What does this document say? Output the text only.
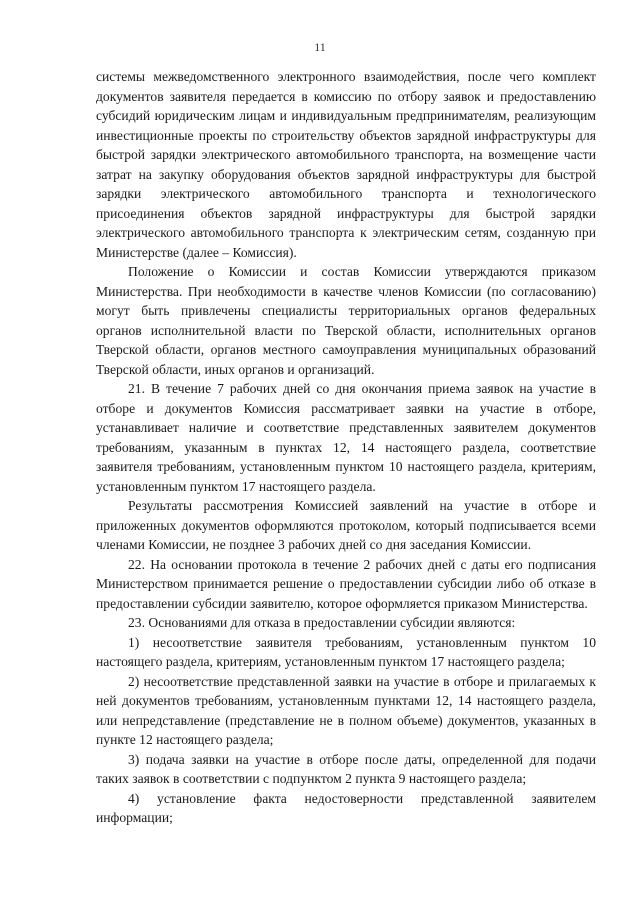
11

системы межведомственного электронного взаимодействия, после чего комплект документов заявителя передается в комиссию по отбору заявок и предоставлению субсидий юридическим лицам и индивидуальным предпринимателям, реализующим инвестиционные проекты по строительству объектов зарядной инфраструктуры для быстрой зарядки электрического автомобильного транспорта, на возмещение части затрат на закупку оборудования объектов зарядной инфраструктуры для быстрой зарядки электрического автомобильного транспорта и технологического присоединения объектов зарядной инфраструктуры для быстрой зарядки электрического автомобильного транспорта к электрическим сетям, созданную при Министерстве (далее – Комиссия).

Положение о Комиссии и состав Комиссии утверждаются приказом Министерства. При необходимости в качестве членов Комиссии (по согласованию) могут быть привлечены специалисты территориальных органов федеральных органов исполнительной власти по Тверской области, исполнительных органов Тверской области, органов местного самоуправления муниципальных образований Тверской области, иных органов и организаций.

21. В течение 7 рабочих дней со дня окончания приема заявок на участие в отборе и документов Комиссия рассматривает заявки на участие в отборе, устанавливает наличие и соответствие представленных заявителем документов требованиям, указанным в пунктах 12, 14 настоящего раздела, соответствие заявителя требованиям, установленным пунктом 10 настоящего раздела, критериям, установленным пунктом 17 настоящего раздела.

Результаты рассмотрения Комиссией заявлений на участие в отборе и приложенных документов оформляются протоколом, который подписывается всеми членами Комиссии, не позднее 3 рабочих дней со дня заседания Комиссии.

22. На основании протокола в течение 2 рабочих дней с даты его подписания Министерством принимается решение о предоставлении субсидии либо об отказе в предоставлении субсидии заявителю, которое оформляется приказом Министерства.

23. Основаниями для отказа в предоставлении субсидии являются:

1) несоответствие заявителя требованиям, установленным пунктом 10 настоящего раздела, критериям, установленным пунктом 17 настоящего раздела;

2) несоответствие представленной заявки на участие в отборе и прилагаемых к ней документов требованиям, установленным пунктами 12, 14 настоящего раздела, или непредставление (представление не в полном объеме) документов, указанных в пункте 12 настоящего раздела;

3) подача заявки на участие в отборе после даты, определенной для подачи таких заявок в соответствии с подпунктом 2 пункта 9 настоящего раздела;

4) установление факта недостоверности представленной заявителем информации;
